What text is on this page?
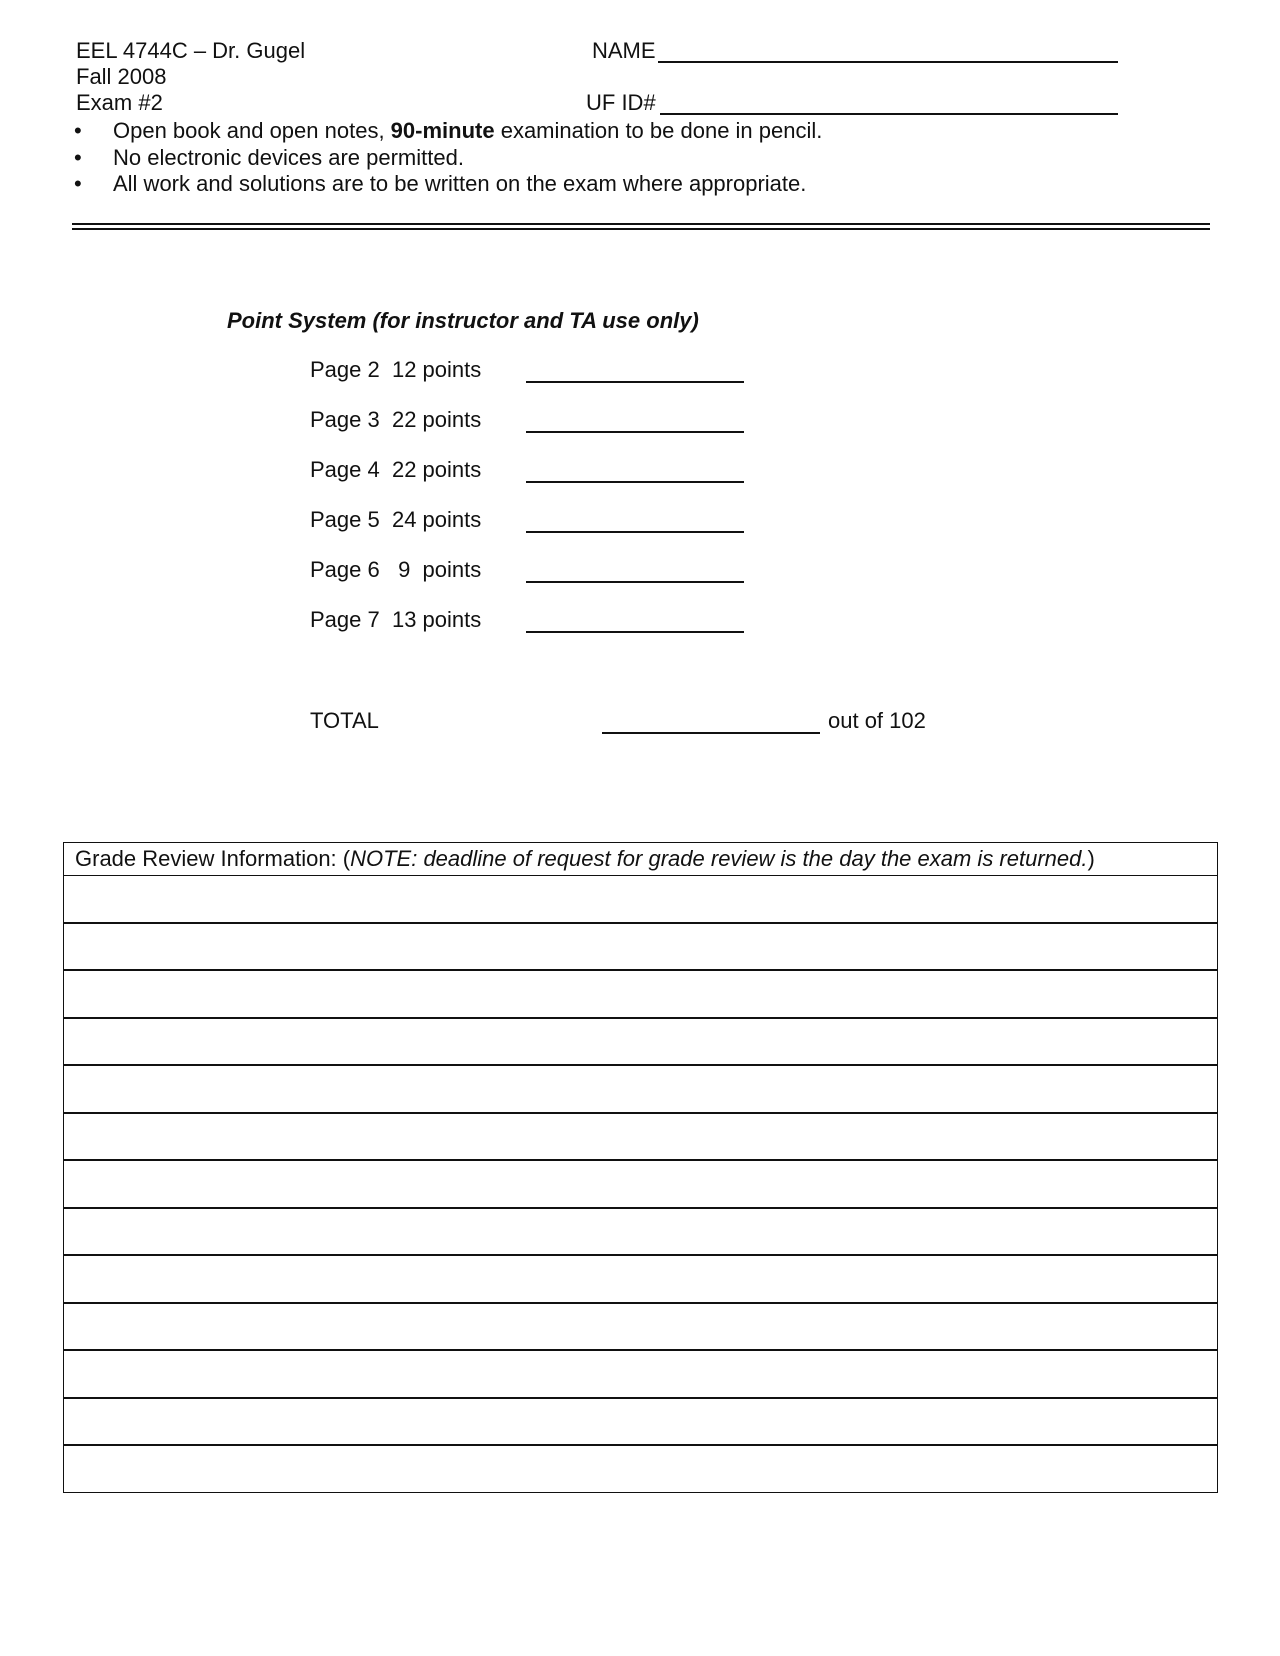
EEL 4744C – Dr. Gugel
Fall 2008
Exam #2
NAME
UF ID#
•	Open book and open notes, 90-minute examination to be done in pencil.
•	No electronic devices are permitted.
•	All work and solutions are to be written on the exam where appropriate.
Point System (for instructor and TA use only)
Page 2  12 points
Page 3  22 points
Page 4  22 points
Page 5  24 points
Page 6   9  points
Page 7  13 points
TOTAL	out of 102
Grade Review Information: (NOTE: deadline of request for grade review is the day the exam is returned.)
